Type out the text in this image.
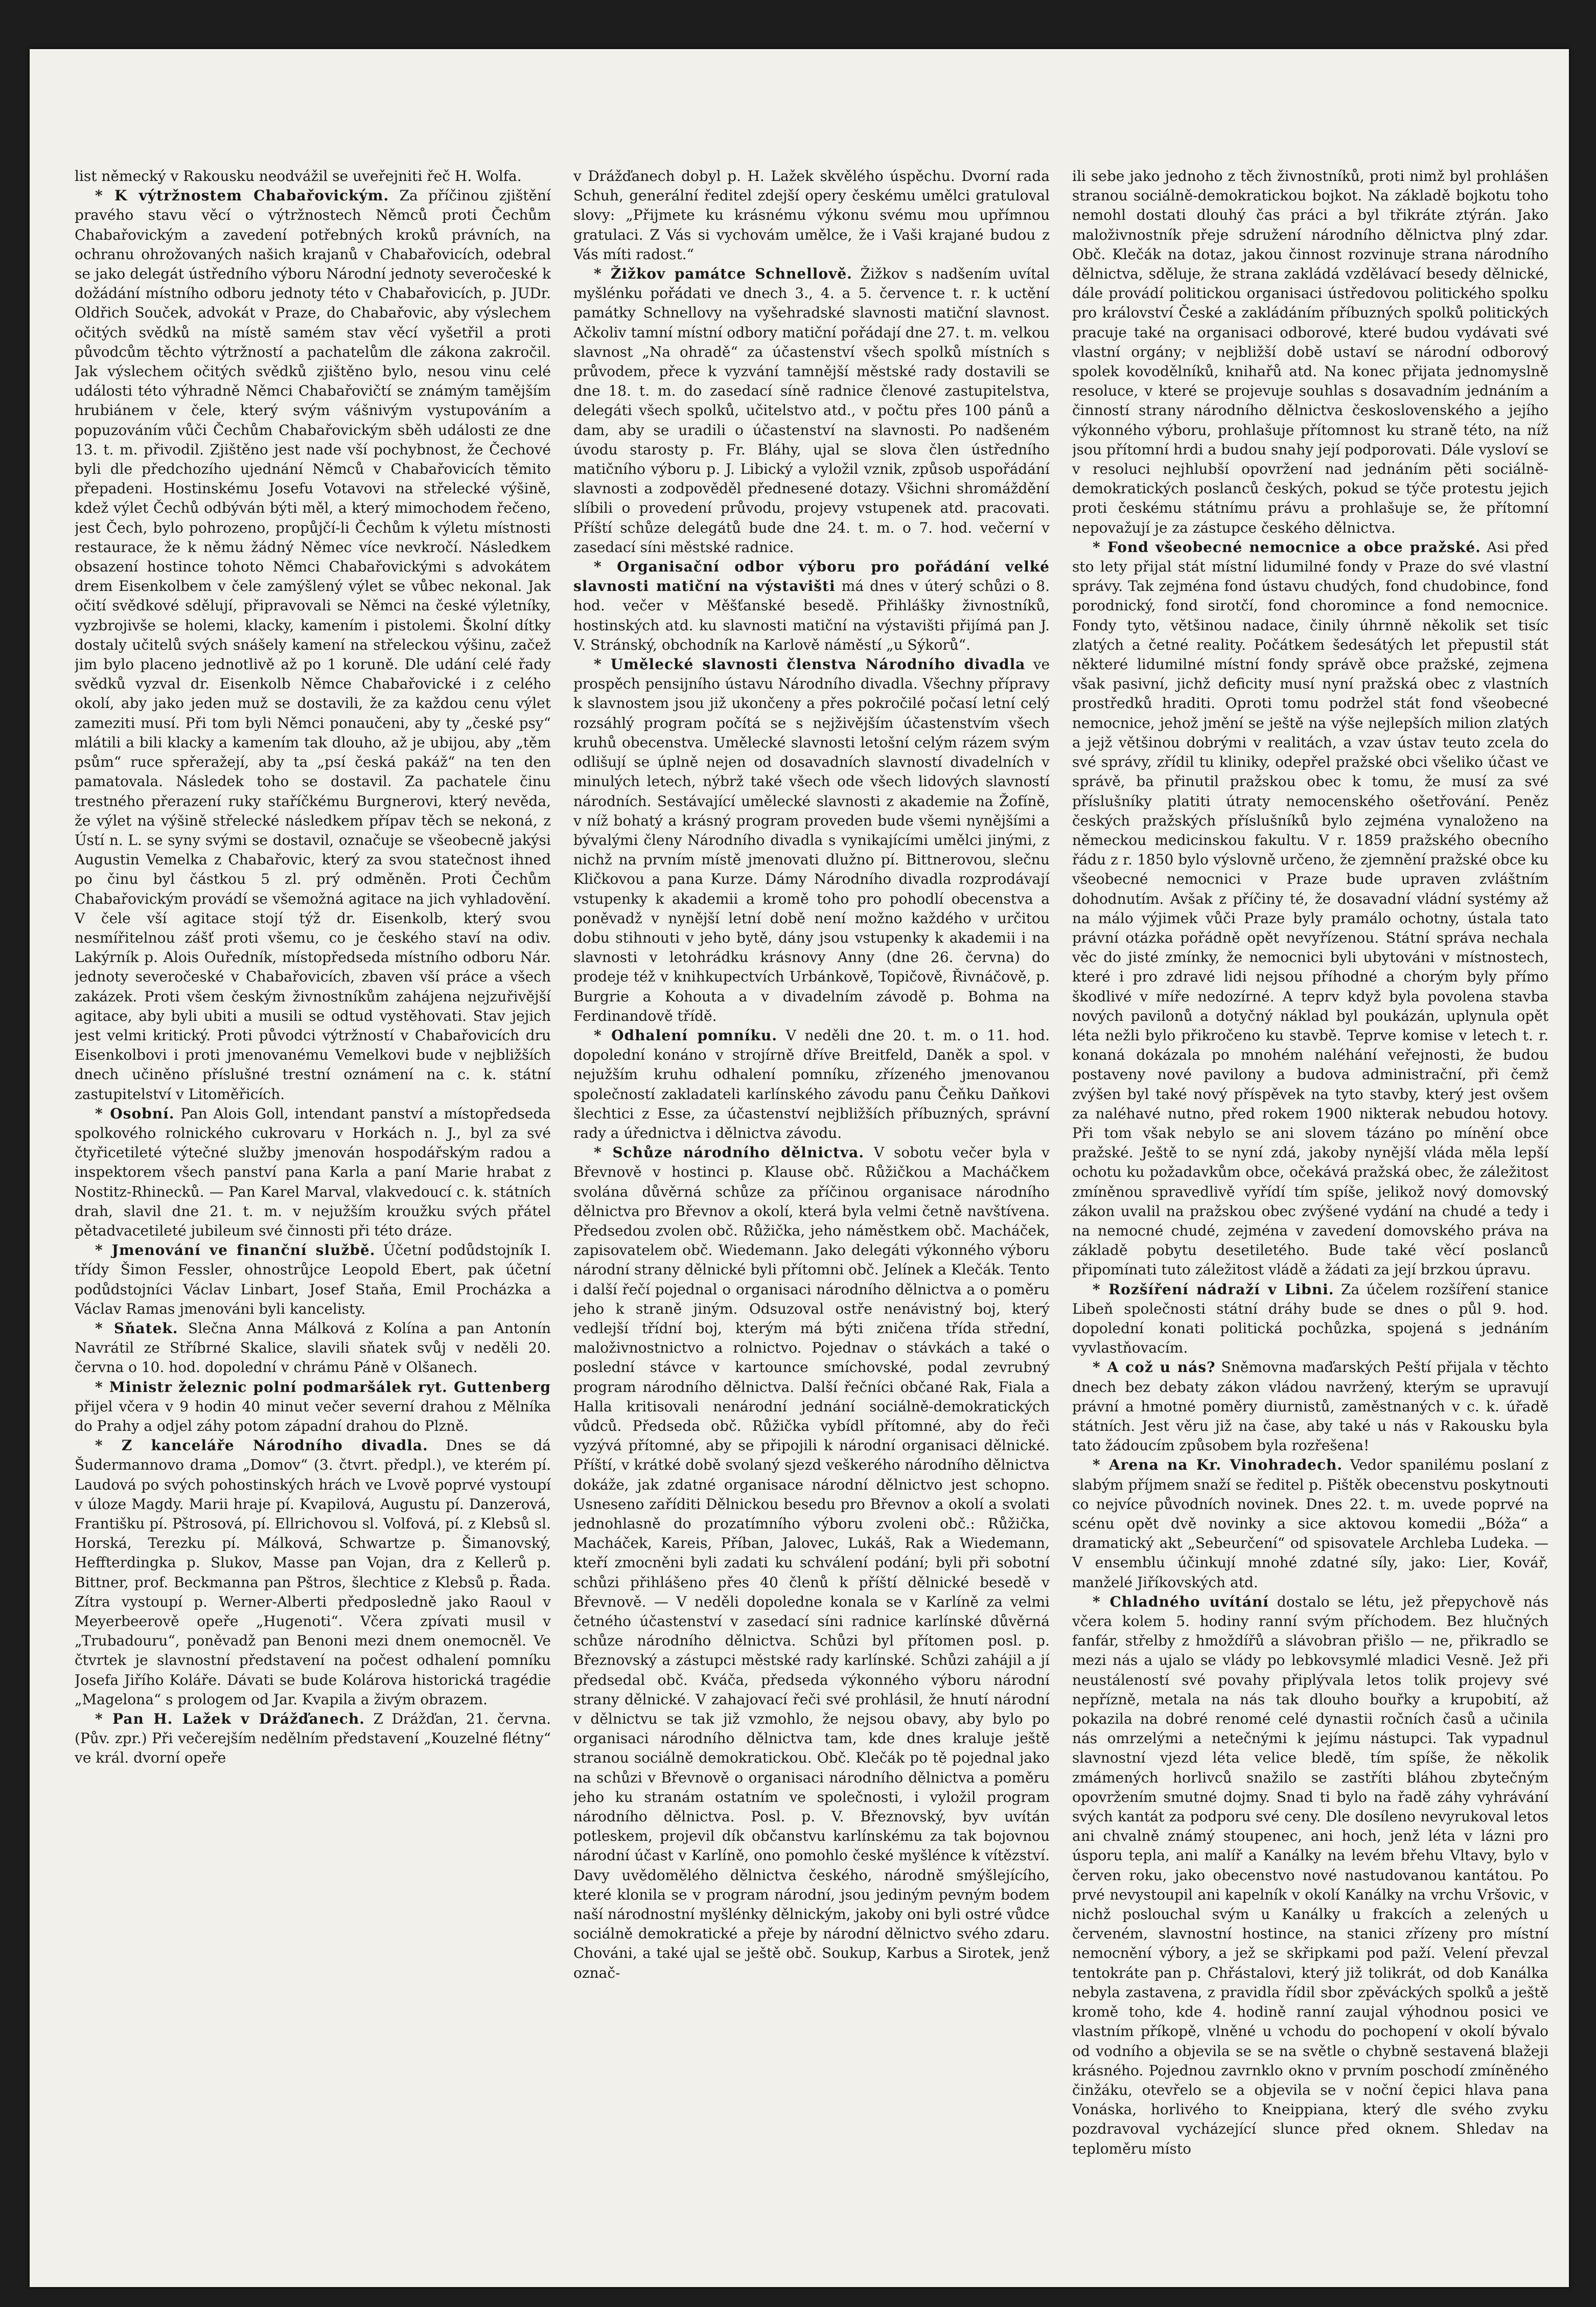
list německý v Rakousku neodvážil se uveřejniti řeč H. Wolfa.

* K výtržnostem Chabařovickým. Za příčinou zjištění pravého stavu věcí o výtržnostech Němců proti Čechům Chabařovickým a zavedení potřebných kroků právních, na ochranu ohrožovaných našich krajanů v Chabařovicích, odebral se jako delegát ústředního výboru Národní jednoty severočeské k dožádání místního odboru jednoty této v Chabařovicích, p. JUDr. Oldřich Souček, advokát v Praze, do Chabařovic, aby výslechem očitých svědků na místě samém stav věcí vyšetřil a proti původcům těchto výtržností a pachatelům dle zákona zakročil. Jak výslechem očitých svědků zjištěno bylo, nesou vinu celé události této výhradně Němci Chabařovičtí se známým tamějším hrubiánem v čele, který svým vášnivým vystupováním a popuzováním vůči Čechům Chabařovickým sběh události ze dne 13. t. m. přivodil. Zjištěno jest nade vší pochybnost, že Čechové byli dle předchozího ujednání Němců v Chabařovicích těmito přepadeni. Hostinskému Josefu Votavovi na střelecké výšině, kdež výlet Čechů odbýván býti měl, a který mimochodem řečeno, jest Čech, bylo pohrozeno, propůjčí-li Čechům k výletu místnosti restaurace, že k němu žádný Němec více nevkročí. Následkem obsazení hostince tohoto Němci Chabařovickými s advokátem drem Eisenkolbem v čele zamýšlený výlet se vůbec nekonal. Jak očití svědkové sdělují, připravovali se Němci na české výletníky, vyzbrojivše se holemi, klacky, kamením i pistolemi. Školní dítky dostaly učitelů svých snášely kamení na střeleckou výšinu, začež jim bylo placeno jednotlivě až po 1 koruně. Dle udání celé řady svědků vyzval dr. Eisenkolb Němce Chabařovické i z celého okolí, aby jako jeden muž se dostavili, že za každou cenu výlet zameziti musí. Při tom byli Němci ponaučeni, aby ty „české psy“ mlátili a bili klacky a kamením tak dlouho, až je ubijou, aby „těm psům“ ruce spřeražejí, aby ta „psí česká pakáž“ na ten den pamatovala. Následek toho se dostavil. Za pachatele činu trestného přerazení ruky staříčkému Burgnerovi, který nevěda, že výlet na výšině střelecké následkem přípav těch se nekoná, z Ústí n. L. se syny svými se dostavil, označuje se všeobecně jakýsi Augustin Vemelka z Chabařovic, který za svou statečnost ihned po činu byl částkou 5 zl. prý odměněn. Proti Čechům Chabařovickým provádí se všemožná agitace na jich vyhladovění. V čele vší agitace stojí týž dr. Eisenkolb, který svou nesmířitelnou zášť proti všemu, co je českého staví na odiv. Lakýrník p. Alois Ouředník, místopředseda místního odboru Nár. jednoty severočeské v Chabařovicích, zbaven vší práce a všech zakázek. Proti všem českým živnostníkům zahájena nejzuřivější agitace, aby byli ubiti a musili se odtud vystěhovati. Stav jejich jest velmi kritický. Proti původci výtržností v Chabařovicích dru Eisenkolbovi i proti jmenovanému Vemelkovi bude v nejbližších dnech učiněno příslušné trestní oznámení na c. k. státní zastupitelství v Litoměřicích.

* Osobní. Pan Alois Goll, intendant panství a místopředseda spolkového rolnického cukrovaru v Horkách n. J., byl za své čtyřicetileté výtečné služby jmenován hospodářským radou a inspektorem všech panství pana Karla a paní Marie hrabat z Nostitz-Rhinecků. — Pan Karel Marval, vlakvedoucí c. k. státních drah, slavil dne 21. t. m. v nejužším kroužku svých přátel pětadvacetileté jubileum své činnosti při této dráze.

* Jmenování ve finanční službě. Účetní podůdstojník I. třídy Šimon Fessler, ohnostrůjce Leopold Ebert, pak účetní podůdstojníci Václav Linbart, Josef Staňa, Emil Procházka a Václav Ramas jmenováni byli kancelisty.

* Sňatek. Slečna Anna Málková z Kolína a pan Antonín Navrátil ze Stříbrné Skalice, slavili sňatek svůj v neděli 20. června o 10. hod. dopolední v chrámu Páně v Olšanech.

* Ministr železnic polní podmaršálek ryt. Guttenberg přijel včera v 9 hodin 40 minut večer severní drahou z Mělníka do Prahy a odjel záhy potom západní drahou do Plzně.

* Z kanceláře Národního divadla. Dnes se dá Šudermannovo drama „Domov“ (3. čtvrt. předpl.), ve kterém pí. Laudová po svých pohostinských hrách ve Lvově poprvé vystoupí v úloze Magdy. Marii hraje pí. Kvapilová, Augustu pí. Danzerová, Františku pí. Pštrosová, pí. Ellrichovou sl. Volfová, pí. z Klebsů sl. Horská, Terezku pí. Málková, Schwartze p. Šimanovský, Heffterdingka p. Slukov, Masse pan Vojan, dra z Kellerů p. Bittner, prof. Beckmanna pan Pštros, šlechtice z Klebsů p. Řada. Zítra vystoupí p. Werner-Alberti předposledně jako Raoul v Meyerbeerově opeře „Hugenoti“. Včera zpívati musil v „Trubadouru“, poněvadž pan Benoni mezi dnem onemocněl. Ve čtvrtek je slavnostní představení na počest odhalení pomníku Josefa Jiřího Koláře. Dávati se bude Kolárova historická tragédie „Magelona“ s prologem od Jar. Kvapila a živým obrazem.

* Pan H. Lažek v Drážďanech. Z Drážďan, 21. června. (Pův. zpr.) Při večerejším nedělním představení „Kouzelné flétny“ ve král. dvorní opeře

v Drážďanech dobyl p. H. Lažek skvělého úspěchu. Dvorní rada Schuh, generální ředitel zdejší opery českému umělci gratuloval slovy: „Přijmete ku krásnému výkonu svému mou upřímnou gratulaci. Z Vás si vychovám umělce, že i Vaši krajané budou z Vás míti radost.“

* Žižkov památce Schnellově. Žižkov s nadšením uvítal myšlénku pořádati ve dnech 3., 4. a 5. července t. r. k uctění památky Schnellovy na vyšehradské slavnosti matiční slavnost. Ačkoliv tamní místní odbory matiční pořádají dne 27. t. m. velkou slavnost „Na ohradě“ za účastenství všech spolků místních s průvodem, přece k vyzvání tamnější městské rady dostavili se dne 18. t. m. do zasedací síně radnice členové zastupitelstva, delegáti všech spolků, učitelstvo atd., v počtu přes 100 pánů a dam, aby se uradili o účastenství na slavnosti. Po nadšeném úvodu starosty p. Fr. Bláhy, ujal se slova člen ústředního matičního výboru p. J. Libický a vyložil vznik, způsob uspořádání slavnosti a zodpověděl přednesené dotazy. Všichni shromáždění slíbili o provedení průvodu, projevy vstupenek atd. pracovati. Příští schůze delegátů bude dne 24. t. m. o 7. hod. večerní v zasedací síni městské radnice.

* Organisační odbor výboru pro pořádání velké slavnosti matiční na výstavišti má dnes v úterý schůzi o 8. hod. večer v Měšťanské besedě. Přihlášky živnostníků, hostinských atd. ku slavnosti matiční na výstavišti přijímá pan J. V. Stránský, obchodník na Karlově náměstí „u Sýkorů“.

* Umělecké slavnosti členstva Národního divadla ve prospěch pensijního ústavu Národního divadla. Všechny přípravy k slavnostem jsou již ukončeny a přes pokročilé počasí letní celý rozsáhlý program počítá se s nejživějším účastenstvím všech kruhů obecenstva. Umělecké slavnosti letošní celým rázem svým odlišují se úplně nejen od dosavadních slavností divadelních v minulých letech, nýbrž také všech ode všech lidových slavností národních. Sestávající umělecké slavnosti z akademie na Žofíně, v níž bohatý a krásný program proveden bude všemi nynějšími a bývalými členy Národního divadla s vynikajícími umělci jinými, z nichž na prvním místě jmenovati dlužno pí. Bittnerovou, slečnu Kličkovou a pana Kurze. Dámy Národního divadla rozprodávají vstupenky k akademii a kromě toho pro pohodlí obecenstva a poněvadž v nynější letní době není možno každého v určitou dobu stihnouti v jeho bytě, dány jsou vstupenky k akademii i na slavnosti v letohrádku krásnovy Anny (dne 26. června) do prodeje též v knihkupectvích Urbánkově, Topičově, Řivnáčově, p. Burgrie a Kohouta a v divadelním závodě p. Bohma na Ferdinandově třídě.

* Odhalení pomníku. V neděli dne 20. t. m. o 11. hod. dopolední konáno v strojírně dříve Breitfeld, Daněk a spol. v nejužším kruhu odhalení pomníku, zřízeného jmenovanou společností zakladateli karlínského závodu panu Čeňku Daňkovi šlechtici z Esse, za účastenství nejbližších příbuzných, správní rady a úřednictva i dělnictva závodu.

* Schůze národního dělnictva. V sobotu večer byla v Břevnově v hostinci p. Klause obč. Růžičkou a Macháčkem svolána důvěrná schůze za příčinou organisace národního dělnictva pro Břevnov a okolí, která byla velmi četně navštívena. Předsedou zvolen obč. Růžička, jeho náměstkem obč. Macháček, zapisovatelem obč. Wiedemann. Jako delegáti výkonného výboru národní strany dělnické byli přítomni obč. Jelínek a Klečák. Tento i další řečí pojednal o organisaci národního dělnictva a o poměru jeho k straně jiným. Odsuzoval ostře nenávistný boj, který vedlejší třídní boj, kterým má býti zničena třída střední, maloživnostnictvo a rolnictvo. Pojednav o stávkách a také o poslední stávce v kartounce smíchovské, podal zevrubný program národního dělnictva. Další řečníci občané Rak, Fiala a Halla kritisovali nenárodní jednání sociálně-demokratických vůdců. Předseda obč. Růžička vybídl přítomné, aby do řeči vyzývá přítomné, aby se připojili k národní organisaci dělnické. Příští, v krátké době svolaný sjezd veškerého národního dělnictva dokáže, jak zdatné organisace národní dělnictvo jest schopno. Usneseno zaříditi Dělnickou besedu pro Břevnov a okolí a svolati jednohlasně do prozatímního výboru zvoleni obč.: Růžička, Macháček, Kareis, Příban, Jalovec, Lukáš, Rak a Wiedemann, kteří zmocněni byli zadati ku schválení podání; byli při sobotní schůzi přihlášeno přes 40 členů k příští dělnické besedě v Břevnově. — V neděli dopoledne konala se v Karlíně za velmi četného účastenství v zasedací síni radnice karlínské důvěrná schůze národního dělnictva. Schůzi byl přítomen posl. p. Březnovský a zástupci městské rady karlínské. Schůzi zahájil a jí předsedal obč. Kváča, předseda výkonného výboru národní strany dělnické. V zahajovací řeči své prohlásil, že hnutí národní v dělnictvu se tak již vzmohlo, že nejsou obavy, aby bylo po organisaci národního dělnictva tam, kde dnes kraluje ještě stranou sociálně demokratickou. Obč. Klečák po tě pojednal jako na schůzi v Břevnově o organisaci národního dělnictva a poměru jeho ku stranám ostatním ve společnosti, i vyložil program národního dělnictva. Posl. p. V. Březnovský, byv uvítán potleskem, projevil dík občanstvu karlínskému za tak bojovnou národní účast v Karlíně, ono pomohlo české myšlénce k vítězství. Davy uvědomělého dělnictva českého, národně smýšlejícího, které klonila se v program národní, jsou jediným pevným bodem naší národnostní myšlénky dělnickým, jakoby oni byli ostré vůdce sociálně demokratické a přeje by národní dělnictvo svého zdaru. Chováni, a také ujal se ještě obč. Soukup, Karbus a Sirotek, jenž označ-

ili sebe jako jednoho z těch živnostníků, proti nimž byl prohlášen stranou sociálně-demokratickou bojkot. Na základě bojkotu toho nemohl dostati dlouhý čas práci a byl třikráte ztýrán. Jako maloživnostník přeje sdružení národního dělnictva plný zdar. Obč. Klečák na dotaz, jakou činnost rozvinuje strana národního dělnictva, sděluje, že strana zakládá vzdělávací besedy dělnické, dále provádí politickou organisaci ústředovou politického spolku pro království České a zakládáním příbuzných spolků politických pracuje také na organisaci odborové, které budou vydávati své vlastní orgány; v nejbližší době ustaví se národní odborový spolek kovodělníků, knihařů atd. Na konec přijata jednomyslně resoluce, v které se projevuje souhlas s dosavadním jednáním a činností strany národního dělnictva československého a jejího výkonného výboru, prohlašuje přítomnost ku straně této, na níž jsou přítomní hrdi a budou snahy její podporovati. Dále vysloví se v resoluci nejhlubší opovržení nad jednáním pěti sociálně-demokratických poslanců českých, pokud se týče protestu jejich proti českému státnímu právu a prohlašuje se, že přítomní nepovažují je za zástupce českého dělnictva.

* Fond všeobecné nemocnice a obce pražské. Asi před sto lety přijal stát místní lidumilné fondy v Praze do své vlastní správy. Tak zejména fond ústavu chudých, fond chudobince, fond porodnický, fond sirotčí, fond choromince a fond nemocnice. Fondy tyto, většinou nadace, činily úhrnně několik set tisíc zlatých a četné reality. Počátkem šedesátých let přepustil stát některé lidumilné místní fondy správě obce pražské, zejmena však pasivní, jichž deficity musí nyní pražská obec z vlastních prostředků hraditi. Oproti tomu podržel stát fond všeobecné nemocnice, jehož jmění se ještě na výše nejlepších milion zlatých a jejž většinou dobrými v realitách, a vzav ústav teuto zcela do své správy, zřídil tu kliniky, odepřel pražské obci všeliko účast ve správě, ba přinutil pražskou obec k tomu, že musí za své příslušníky platiti útraty nemocenského ošetřování. Peněz českých pražských příslušníků bylo zejména vynaloženo na německou medicinskou fakultu. V r. 1859 pražského obecního řádu z r. 1850 bylo výslovně určeno, že zjemnění pražské obce ku všeobecné nemocnici v Praze bude upraven zvláštním dohodnutím. Avšak z příčiny té, že dosavadní vládní systémy až na málo výjimek vůči Praze byly pramálo ochotny, ústala tato právní otázka pořádně opět nevyřízenou. Státní správa nechala věc do jisté zmínky, že nemocnici byli ubytováni v místnostech, které i pro zdravé lidi nejsou příhodné a chorým byly přímo škodlivé v míře nedozírné. A teprv když byla povolena stavba nových pavilonů a dotyčný náklad byl poukázán, uplynula opět léta nežli bylo přikročeno ku stavbě. Teprve komise v letech t. r. konaná dokázala po mnohém naléhání veřejnosti, že budou postaveny nové pavilony a budova administrační, při čemž zvýšen byl také nový příspěvek na tyto stavby, který jest ovšem za naléhavé nutno, před rokem 1900 nikterak nebudou hotovy. Při tom však nebylo se ani slovem tázáno po mínění obce pražské. Ještě to se nyní zdá, jakoby nynější vláda měla lepší ochotu ku požadavkům obce, očekává pražská obec, že záležitost zmíněnou spravedlivě vyřídí tím spíše, jelikož nový domovský zákon uvalil na pražskou obec zvýšené vydání na chudé a tedy i na nemocné chudé, zejména v zavedení domovského práva na základě pobytu desetiletého. Bude také věcí poslanců připomínati tuto záležitost vládě a žádati za její brzkou úpravu.

* Rozšíření nádraží v Libni. Za účelem rozšíření stanice Libeň společnosti státní dráhy bude se dnes o půl 9. hod. dopolední konati politická pochůzka, spojená s jednáním vyvlastňovacím.

* A což u nás? Sněmovna maďarských Peští přijala v těchto dnech bez debaty zákon vládou navržený, kterým se upravují právní a hmotné poměry diurnistů, zaměstnaných v c. k. úřadě státních. Jest věru již na čase, aby také u nás v Rakousku byla tato žádoucím způsobem byla rozřešena!

* Arena na Kr. Vinohradech. Vedor spanilému poslaní z slabým příjmem snaží se ředitel p. Pištěk obecenstvu poskytnouti co nejvíce původních novinek. Dnes 22. t. m. uvede poprvé na scénu opět dvě novinky a sice aktovou komedii „Bóža“ a dramatický akt „Sebeurčení“ od spisovatele Archleba Ludeka. — V ensemblu účinkují mnohé zdatné síly, jako: Lier, Kovář, manželé Jiříkovských atd.

* Chladného uvítání dostalo se létu, jež přepychově nás včera kolem 5. hodiny ranní svým příchodem. Bez hlučných fanfár, střelby z hmoždířů a slávobran přišlo — ne, přikradlo se mezi nás a ujalo se vlády po lebkovsymlé mladici Vesně. Jež při neustáleností své povahy připlývala letos tolik projevy své nepřízně, metala na nás tak dlouho bouřky a krupobití, až pokazila na dobré renomé celé dynastii ročních časů a učinila nás omrzelými a netečnými k jejímu nástupci. Tak vypadnul slavnostní vjezd léta velice bledě, tím spíše, že několik zmámených horlivců snažilo se zastříti bláhou zbytečným opovržením smutné dojmy. Snad ti bylo na řadě záhy vyhrávání svých kantát za podporu své ceny. Dle dosíleno nevyrukoval letos ani chvalně známý stoupenec, ani hoch, jenž léta v lázni pro úsporu tepla, ani malíř a Kanálky na levém břehu Vltavy, bylo v červen roku, jako obecenstvo nové nastudovanou kantátou. Po prvé nevystoupil ani kapelník v okolí Kanálky na vrchu Vršovic, v nichž poslouchal svým u Kanálky u frakcích a zelených u červeném, slavnostní hostince, na stanici zřízeny pro místní nemocnění výbory, a jež se skřipkami pod paží. Velení převzal tentokráte pan p. Chřástalovi, který již tolikrát, od dob Kanálka nebyla zastavena, z pravidla řídil sbor zpěváckých spolků a ještě kromě toho, kde 4. hodině ranní zaujal výhodnou posici ve vlastním příkopě, vlněné u vchodu do pochopení v okolí bývalo od vodního a objevila se se na světle o chybně sestavená blažeji krásného. Pojednou zavrnklo okno v prvním poschodí zmíněného činžáku, otevřelo se a objevila se v noční čepici hlava pana Vonáska, horlivého to Kneippiana, který dle svého zvyku pozdravoval vycházející slunce před oknem. Shledav na teploměru místo
